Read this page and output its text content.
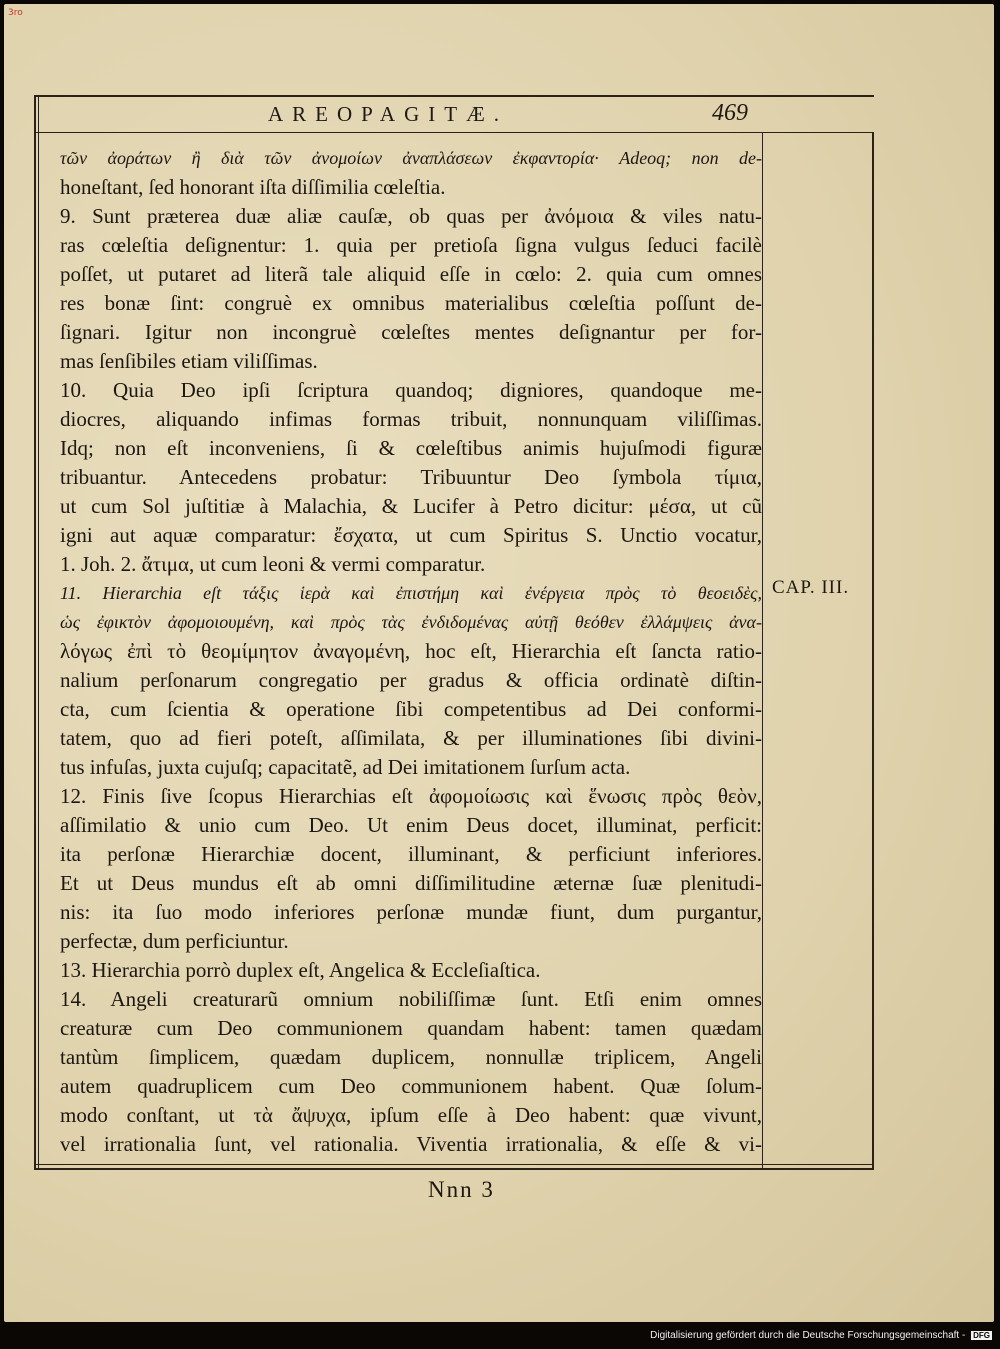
3ro
AREOPAGITÆ.	469
τῶν ἀοράτων ἢ διὰ τῶν ἀνομοίων ἀναπλάσεων ἐκφαντορία· Adeoq; non de-
honeſtant, ſed honorant iſta diſſimilia cœleſtia.
9. Sunt præterea duæ aliæ cauſæ, ob quas per ἀνόμοια & viles natu-
ras cœleſtia deſignentur: 1. quia per pretioſa ſigna vulgus ſeduci facilè
poſſet, ut putaret ad literã tale aliquid eſſe in cœlo: 2. quia cum omnes
res bonæ ſint: congruè ex omnibus materialibus cœleſtia poſſunt de-
ſignari. Igitur non incongruè cœleſtes mentes deſignantur per for-
mas ſenſibiles etiam viliſſimas.
10. Quia Deo ipſi ſcriptura quandoq; digniores, quandoque me-
diocres, aliquando infimas formas tribuit, nonnunquam viliſſimas.
Idq; non eſt inconveniens, ſi & cœleſtibus animis hujuſmodi figuræ
tribuantur. Antecedens probatur: Tribuuntur Deo ſymbola τίμια,
ut cum Sol juſtitiæ à Malachia, & Lucifer à Petro dicitur: μέσα, ut cũ
igni aut aquæ comparatur: ἔσχατα, ut cum Spiritus S. Unctio vocatur,
1. Joh. 2. ἄτιμα, ut cum leoni & vermi comparatur.
11. Hierarchia eſt τάξις ἱερὰ καὶ ἐπιστήμη καὶ ἐνέργεια πρὸς τὸ θεοειδὲς,
ὡς ἐφικτὸν ἀφομοιουμένη, καὶ πρὸς τὰς ἐνδιδομένας αὐτῇ θεόθεν ἐλλάμψεις ἀνα-
λόγως ἐπὶ τὸ θεομίμητον ἀναγομένη, hoc eſt, Hierarchia eſt ſancta ratio-
nalium perſonarum congregatio per gradus & officia ordinatè diſtin-
cta, cum ſcientia & operatione ſibi competentibus ad Dei conformi-
tatem, quo ad fieri poteſt, aſſimilata, & per illuminationes ſibi divini-
tus infuſas, juxta cujuſq; capacitatẽ, ad Dei imitationem ſurſum acta.
12. Finis ſive ſcopus Hierarchias eſt ἀφομοίωσις καὶ ἕνωσις πρὸς θεὸν,
aſſimilatio & unio cum Deo. Ut enim Deus docet, illuminat, perficit:
ita perſonæ Hierarchiæ docent, illuminant, & perficiunt inferiores.
Et ut Deus mundus eſt ab omni diſſimilitudine æternæ ſuæ plenitudi-
nis: ita ſuo modo inferiores perſonæ mundæ fiunt, dum purgantur,
perfectæ, dum perficiuntur.
13. Hierarchia porrò duplex eſt, Angelica & Eccleſiaſtica.
14. Angeli creaturarũ omnium nobiliſſimæ ſunt. Etſi enim omnes
creaturæ cum Deo communionem quandam habent: tamen quædam
tantùm ſimplicem, quædam duplicem, nonnullæ triplicem, Angeli
autem quadruplicem cum Deo communionem habent. Quæ ſolum-
modo conſtant, ut τὰ ἄψυχα, ipſum eſſe à Deo habent: quæ vivunt,
vel irrationalia ſunt, vel rationalia. Viventia irrationalia, & eſſe & vi-
CAP. III.
Nnn 3
Digitalisierung gefördert durch die Deutsche Forschungsgemeinschaft - DFG
